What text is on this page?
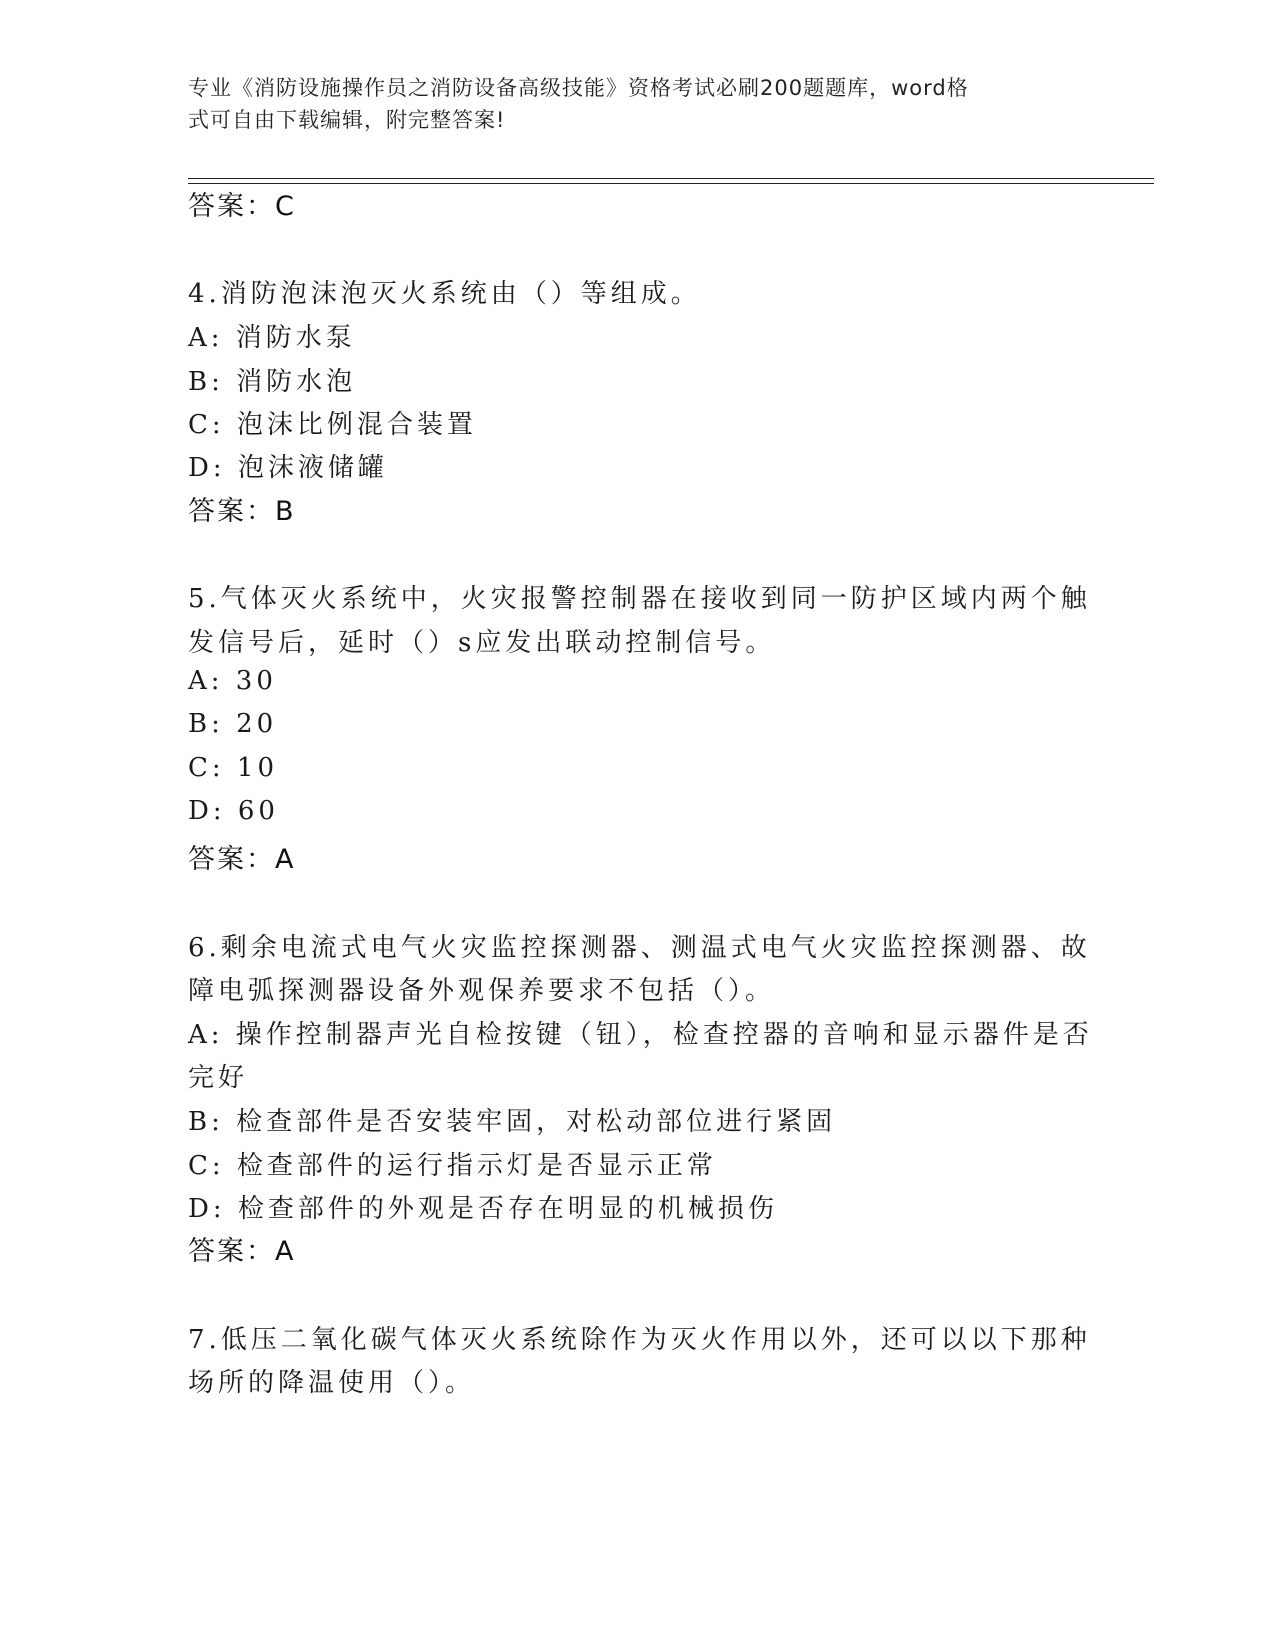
专业《消防设施操作员之消防设备高级技能》资格考试必刷200题题库，word格
式可自由下载编辑，附完整答案!
答案：C
4.消防泡沫泡灭火系统由（）等组成。
A: 消防水泵
B: 消防水泡
C: 泡沫比例混合装置
D: 泡沫液储罐
答案：B
5.气体灭火系统中，火灾报警控制器在接收到同一防护区域内两个触
发信号后，延时（）s应发出联动控制信号。
A: 30
B: 20
C: 10
D: 60
答案：A
6.剩余电流式电气火灾监控探测器、测温式电气火灾监控探测器、故
障电弧探测器设备外观保养要求不包括（）。
A: 操作控制器声光自检按键（钮），检查控器的音响和显示器件是否
完好
B: 检查部件是否安装牢固，对松动部位进行紧固
C: 检查部件的运行指示灯是否显示正常
D: 检查部件的外观是否存在明显的机械损伤
答案：A
7.低压二氧化碳气体灭火系统除作为灭火作用以外，还可以以下那种
场所的降温使用（）。
